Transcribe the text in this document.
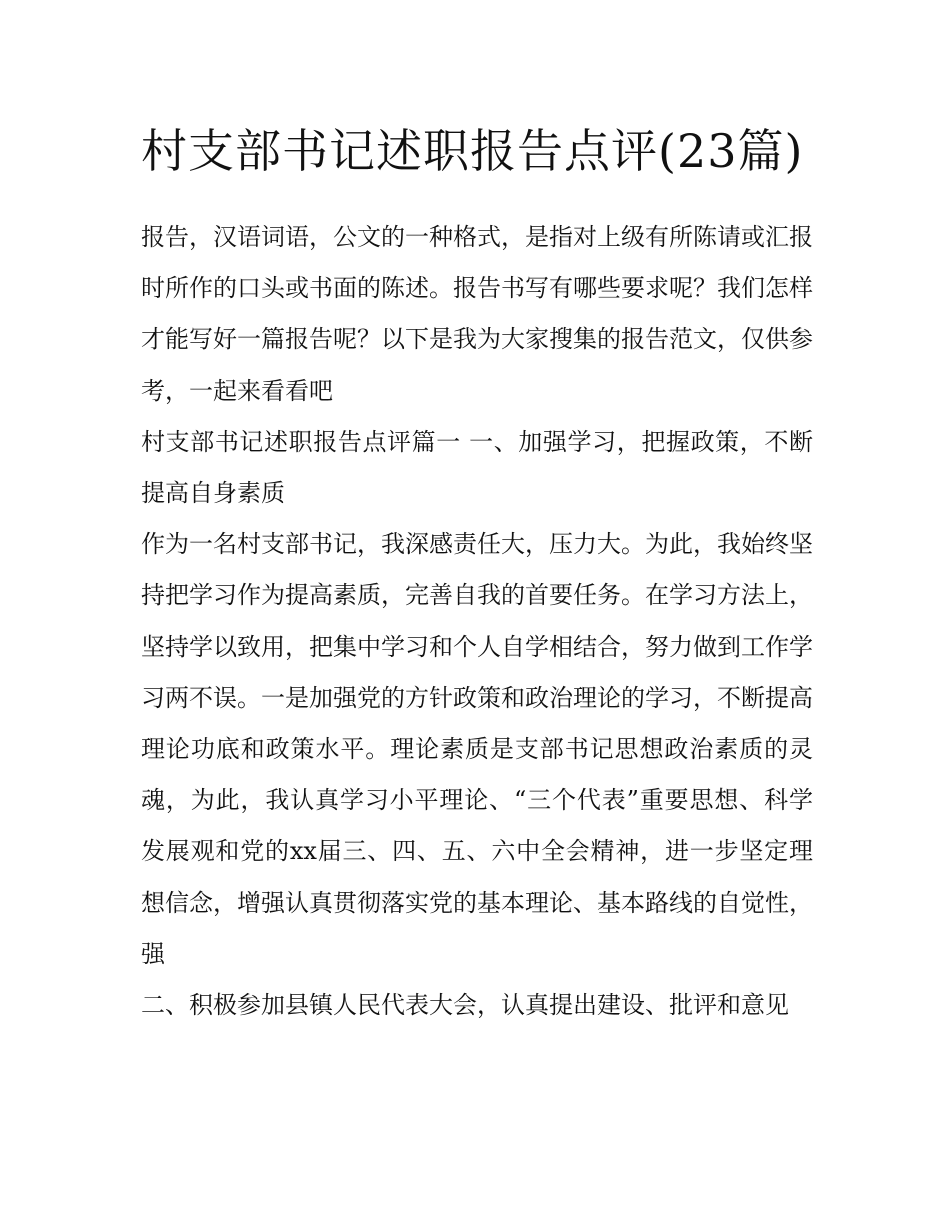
村支部书记述职报告点评(23篇)

报告，汉语词语，公文的一种格式，是指对上级有所陈请或汇报时所作的口头或书面的陈述。报告书写有哪些要求呢？我们怎样才能写好一篇报告呢？以下是我为大家搜集的报告范文，仅供参考，一起来看看吧

村支部书记述职报告点评篇一 一、加强学习，把握政策，不断提高自身素质

作为一名村支部书记，我深感责任大，压力大。为此，我始终坚持把学习作为提高素质，完善自我的首要任务。在学习方法上，坚持学以致用，把集中学习和个人自学相结合，努力做到工作学习两不误。一是加强党的方针政策和政治理论的学习，不断提高理论功底和政策水平。理论素质是支部书记思想政治素质的灵魂，为此，我认真学习小平理论、“三个代表”重要思想、科学发展观和党的xx届三、四、五、六中全会精神，进一步坚定理想信念，增强认真贯彻落实党的基本理论、基本路线的自觉性，强

二、积极参加县镇人民代表大会，认真提出建设、批评和意见
